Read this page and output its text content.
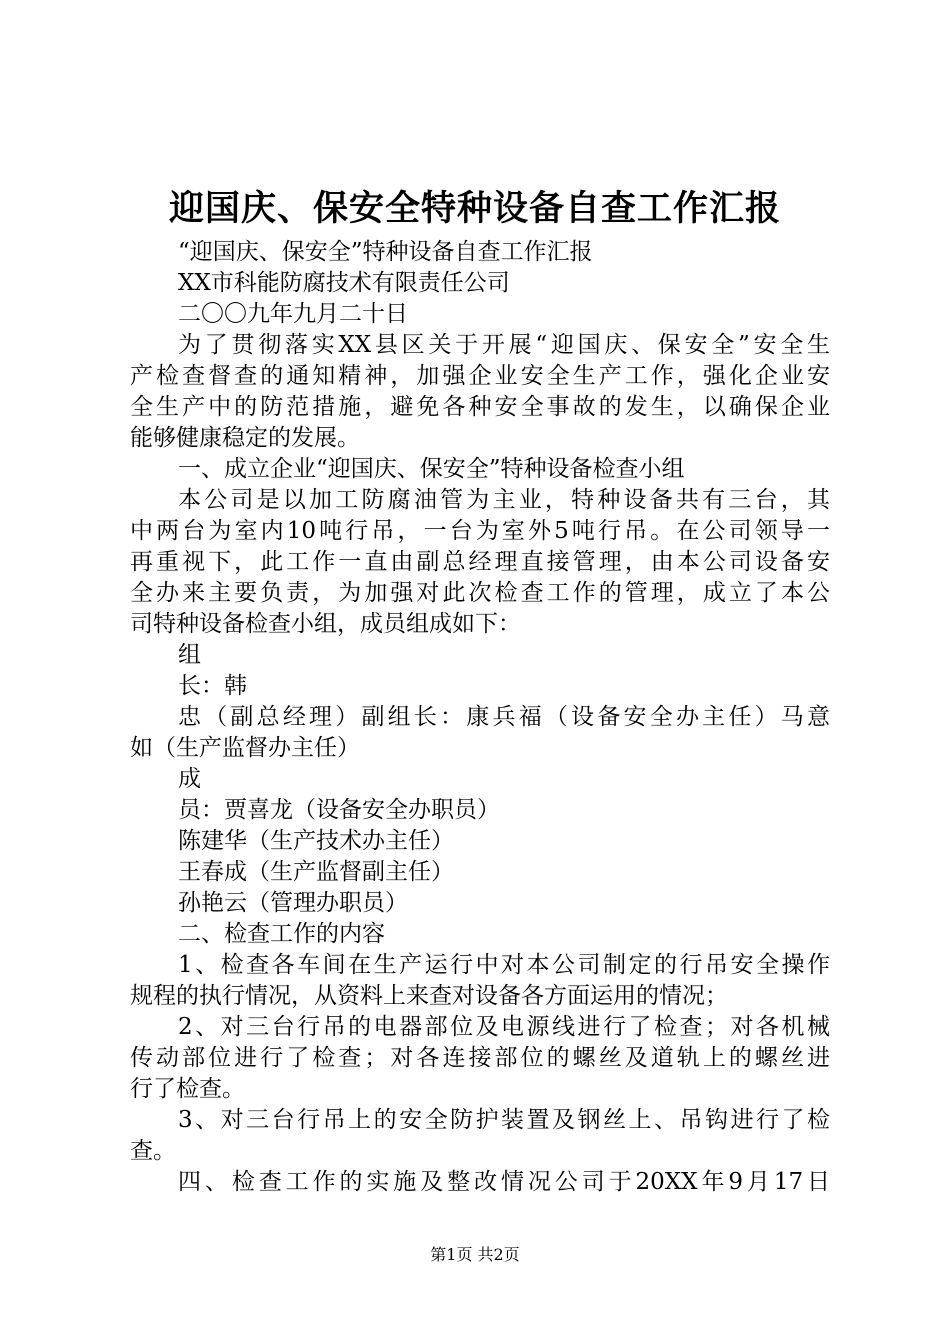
迎国庆、保安全特种设备自查工作汇报
“迎国庆、保安全”特种设备自查工作汇报
XX市科能防腐技术有限责任公司
二〇〇九年九月二十日
为了贯彻落实XX县区关于开展“迎国庆、保安全”安全生
产检查督查的通知精神，加强企业安全生产工作，强化企业安
全生产中的防范措施，避免各种安全事故的发生，以确保企业
能够健康稳定的发展。
一、成立企业“迎国庆、保安全”特种设备检查小组
本公司是以加工防腐油管为主业，特种设备共有三台，其
中两台为室内10吨行吊，一台为室外5吨行吊。在公司领导一
再重视下，此工作一直由副总经理直接管理，由本公司设备安
全办来主要负责，为加强对此次检查工作的管理，成立了本公
司特种设备检查小组，成员组成如下：
组
长：韩
忠（副总经理）副组长：康兵福（设备安全办主任）马意
如（生产监督办主任）
成
员：贾喜龙（设备安全办职员）
陈建华（生产技术办主任）
王春成（生产监督副主任）
孙艳云（管理办职员）
二、检查工作的内容
1、检查各车间在生产运行中对本公司制定的行吊安全操作
规程的执行情况，从资料上来查对设备各方面运用的情况；
2、对三台行吊的电器部位及电源线进行了检查；对各机械
传动部位进行了检查；对各连接部位的螺丝及道轨上的螺丝进
行了检查。
3、对三台行吊上的安全防护装置及钢丝上、吊钩进行了检
查。
四、检查工作的实施及整改情况公司于20XX年9月17日
第1页 共2页
